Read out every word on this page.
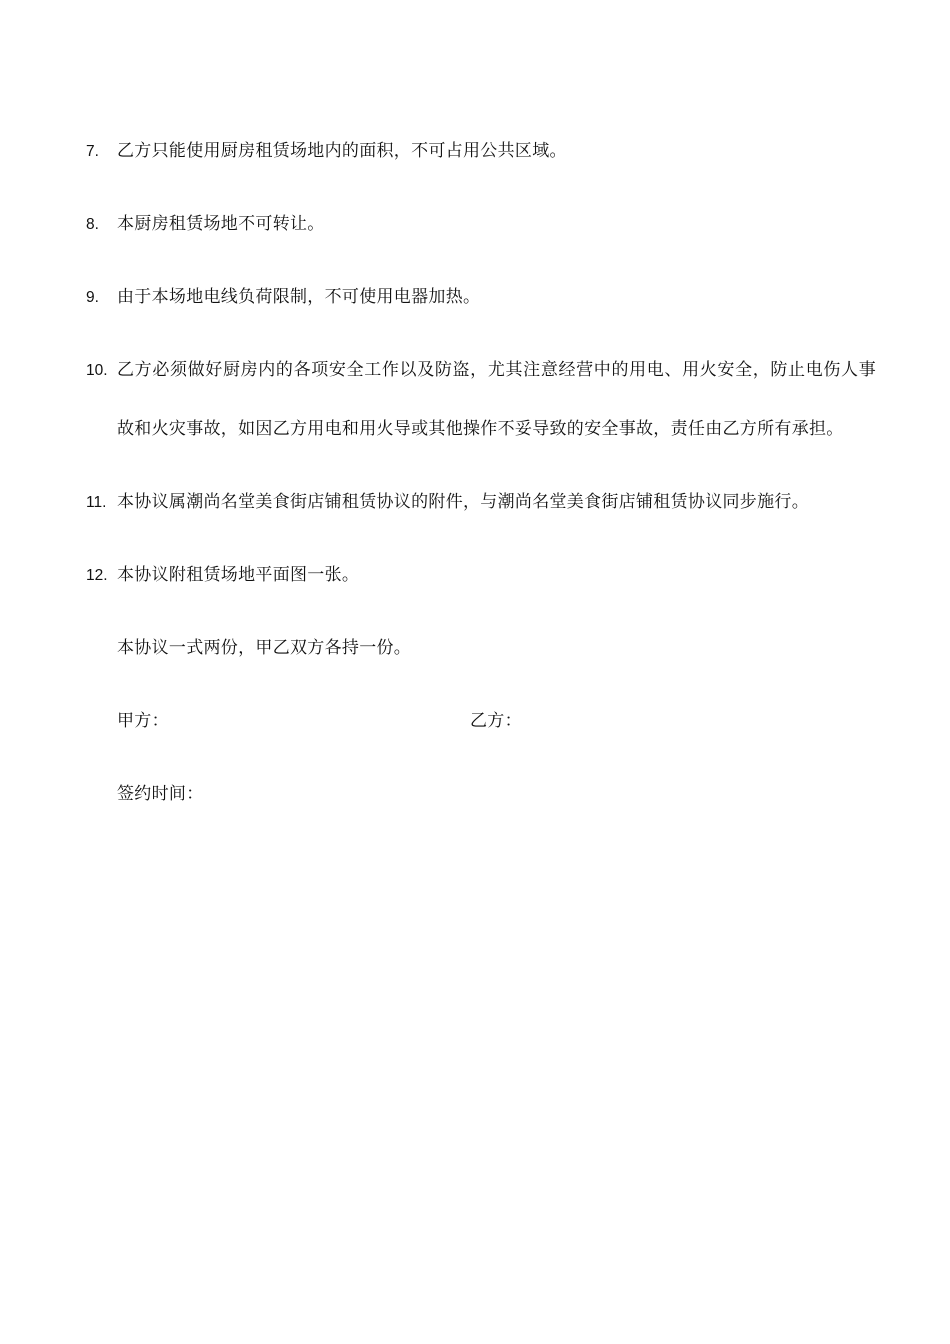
7.	乙方只能使用厨房租赁场地内的面积，不可占用公共区域。
8.	本厨房租赁场地不可转让。
9.	由于本场地电线负荷限制，不可使用电器加热。
10. 乙方必须做好厨房内的各项安全工作以及防盗，尤其注意经营中的用电、用火安全，防止电伤人事故和火灾事故，如因乙方用电和用火导或其他操作不妥导致的安全事故，责任由乙方所有承担。
11. 本协议属潮尚名堂美食街店铺租赁协议的附件，与潮尚名堂美食街店铺租赁协议同步施行。
12. 本协议附租赁场地平面图一张。
本协议一式两份，甲乙双方各持一份。
甲方：	乙方：
签约时间：
